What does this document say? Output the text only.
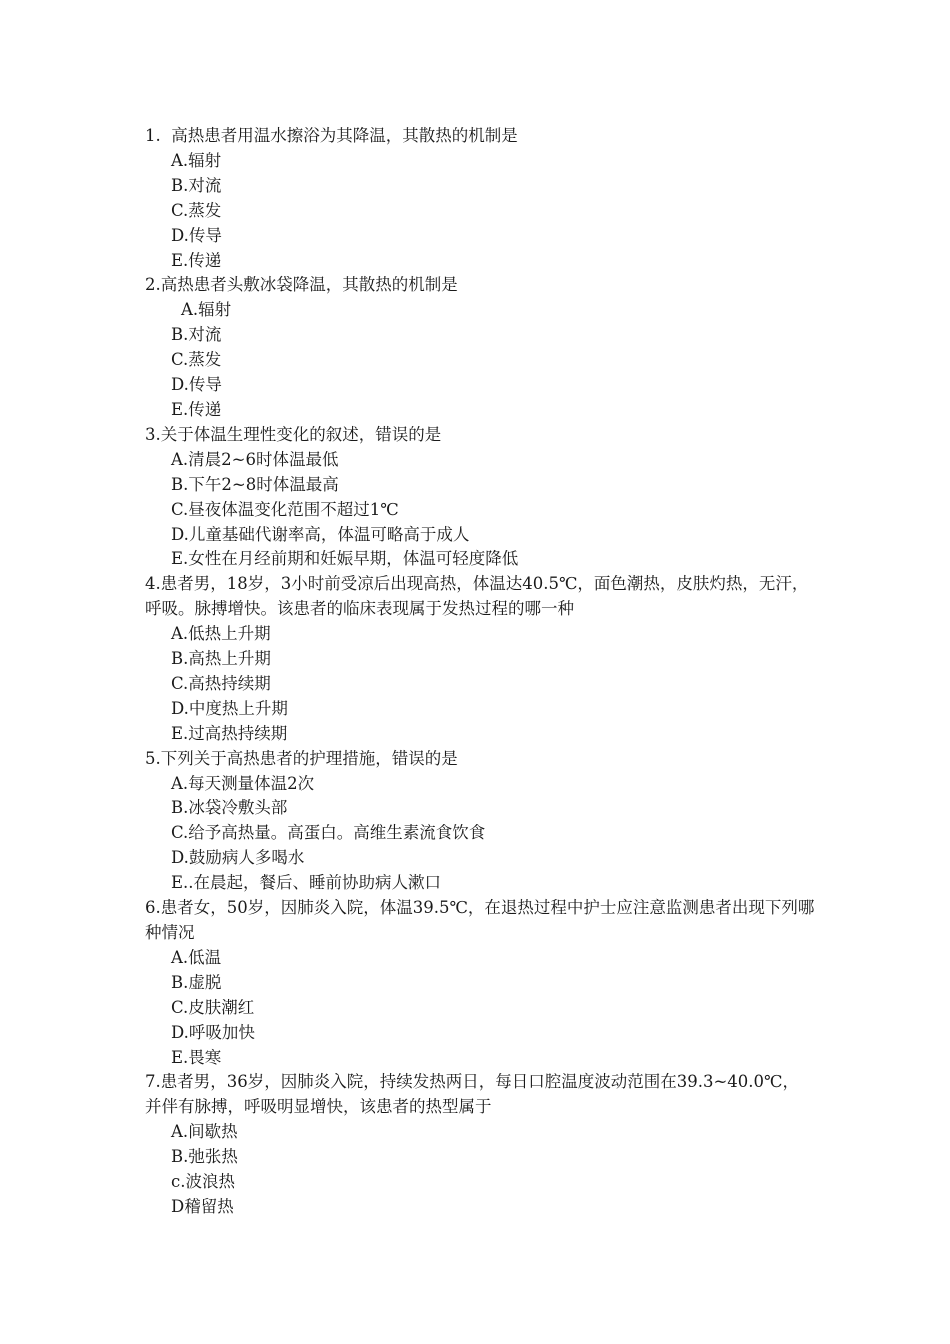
1.  高热患者用温水擦浴为其降温，其散热的机制是

A.辐射

B.对流

C.蒸发

D.传导

E.传递

2.高热患者头敷冰袋降温，其散热的机制是

A.辐射

B.对流

C.蒸发

D.传导

E.传递

3.关于体温生理性变化的叙述，错误的是

A.清晨2~6时体温最低

B.下午2~8时体温最高

C.昼夜体温变化范围不超过1℃

D.儿童基础代谢率高，体温可略高于成人

E.女性在月经前期和妊娠早期，体温可轻度降低

4.患者男，18岁，3小时前受凉后出现高热，体温达40.5℃，面色潮热，皮肤灼热，无汗，呼吸。脉搏增快。该患者的临床表现属于发热过程的哪一种

A.低热上升期

B.高热上升期

C.高热持续期

D.中度热上升期

E.过高热持续期

5.下列关于高热患者的护理措施，错误的是

A.每天测量体温2次

B.冰袋冷敷头部

C.给予高热量。高蛋白。高维生素流食饮食

D.鼓励病人多喝水

E..在晨起，餐后、睡前协助病人漱口

6.患者女，50岁，因肺炎入院，体温39.5℃，在退热过程中护士应注意监测患者出现下列哪种情况

A.低温

B.虚脱

C.皮肤潮红

D.呼吸加快

E.畏寒

7.患者男，36岁，因肺炎入院，持续发热两日，每日口腔温度波动范围在39.3~40.0℃，并伴有脉搏，呼吸明显增快，该患者的热型属于

A.间歇热

B.弛张热

c.波浪热

D稽留热
